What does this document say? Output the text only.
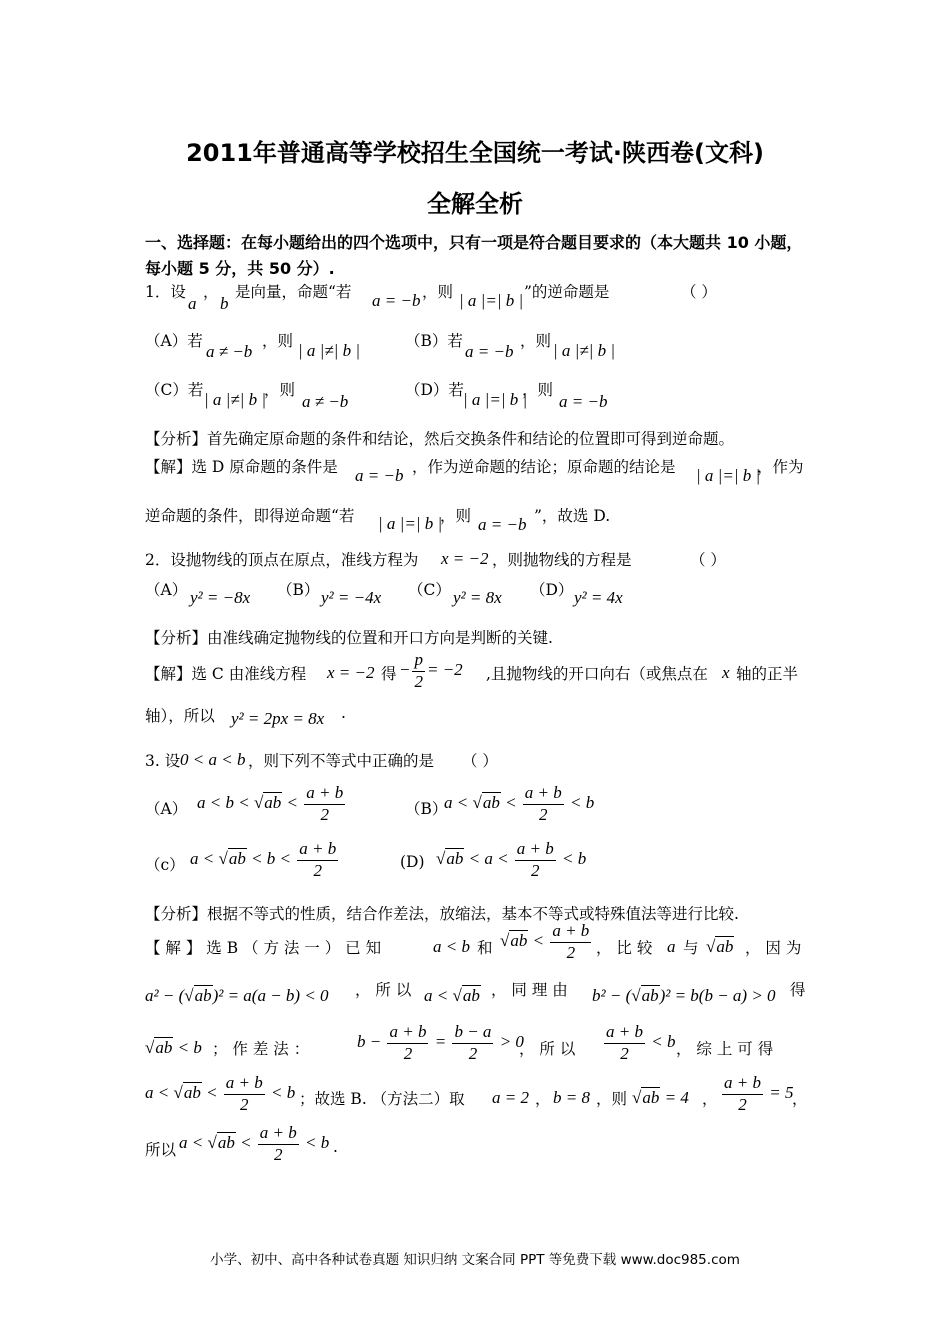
2011年普通高等学校招生全国统一考试·陕西卷(文科)
全解全析
一、选择题：在每小题给出的四个选项中，只有一项是符合题目要求的（本大题共 10 小题，
每小题 5 分，共 50 分）.
1．设
a
，
b
是向量，命题“若 a = −b ，则 | a |=| b | ”的逆命题是	（ ）
（A）若
a ≠ −b
，则 | a |≠| b |	（B）若
a = −b
，则 | a |≠| b |
（C）若 | a |≠| b |
，则
a ≠ −b
（D）若 | a |=| b |
，则
a = −b
【分析】首先确定原命题的条件和结论，然后交换条件和结论的位置即可得到逆命题。
【解】选 D 原命题的条件是 a = −b ，作为逆命题的结论；原命题的结论是 | a |=| b |
，作为
逆命题的条件，即得逆命题“若 | a |=| b |
，则 a = −b ”，故选 D.
2．设抛物线的顶点在原点，准线方程为 x = −2 ，则抛物线的方程是	（ ）
（A） y² = −8x （B） y² = −4x （C） y² = 8x （D） y² = 4x
【分析】由准线确定抛物线的位置和开口方向是判断的关键.
【解】选 C 由准线方程 x = −2 得 − $\frac{p}{2} = -2$ ,且抛物线的开口向右（或焦点在 x 轴的正半
轴），所以 y² = 2px = 8x .
3. 设 0 < a < b ，则下列不等式中正确的是 （ ）
（A） $a < b < √ab < \frac{a + b}{2}$	（B）
$a < √ab < \frac{a + b}{2} < b$
（c） $a < √ab < b < \frac{a + b}{2}$	(D) $√ab < a < \frac{a + b}{2} < b$
【分析】根据不等式的性质，结合作差法，放缩法，基本不等式或特殊值法等进行比较.
【 解 】 选 B （ 方 法 一 ） 已 知	a < b 和 $√ab < \frac{a + b}{2}$ ， 比 较 a 与 √ab ， 因 为
a² − (√ab)² = a(a − b) < 0 ， 所 以 a < √ab ， 同 理 由 b² − (√ab)² = b(b − a) > 0 得
√ab < b ； 作 差 法 ：	$b - \frac{a + b}{2} = \frac{b - a}{2} > 0$
， 所 以 $\frac{a + b}{2} < b$ ， 综 上 可 得
$a < √ab < \frac{a + b}{2} < b$ ；故选 B. （方法二）取 a = 2 ， b = 8 ，则 √ab = 4 ， $\frac{a + b}{2} = 5$
，
所以 $a < √ab < \frac{a + b}{2} < b$ .
小学、初中、高中各种试卷真题 知识归纳 文案合同 PPT 等免费下载 www.doc985.com
